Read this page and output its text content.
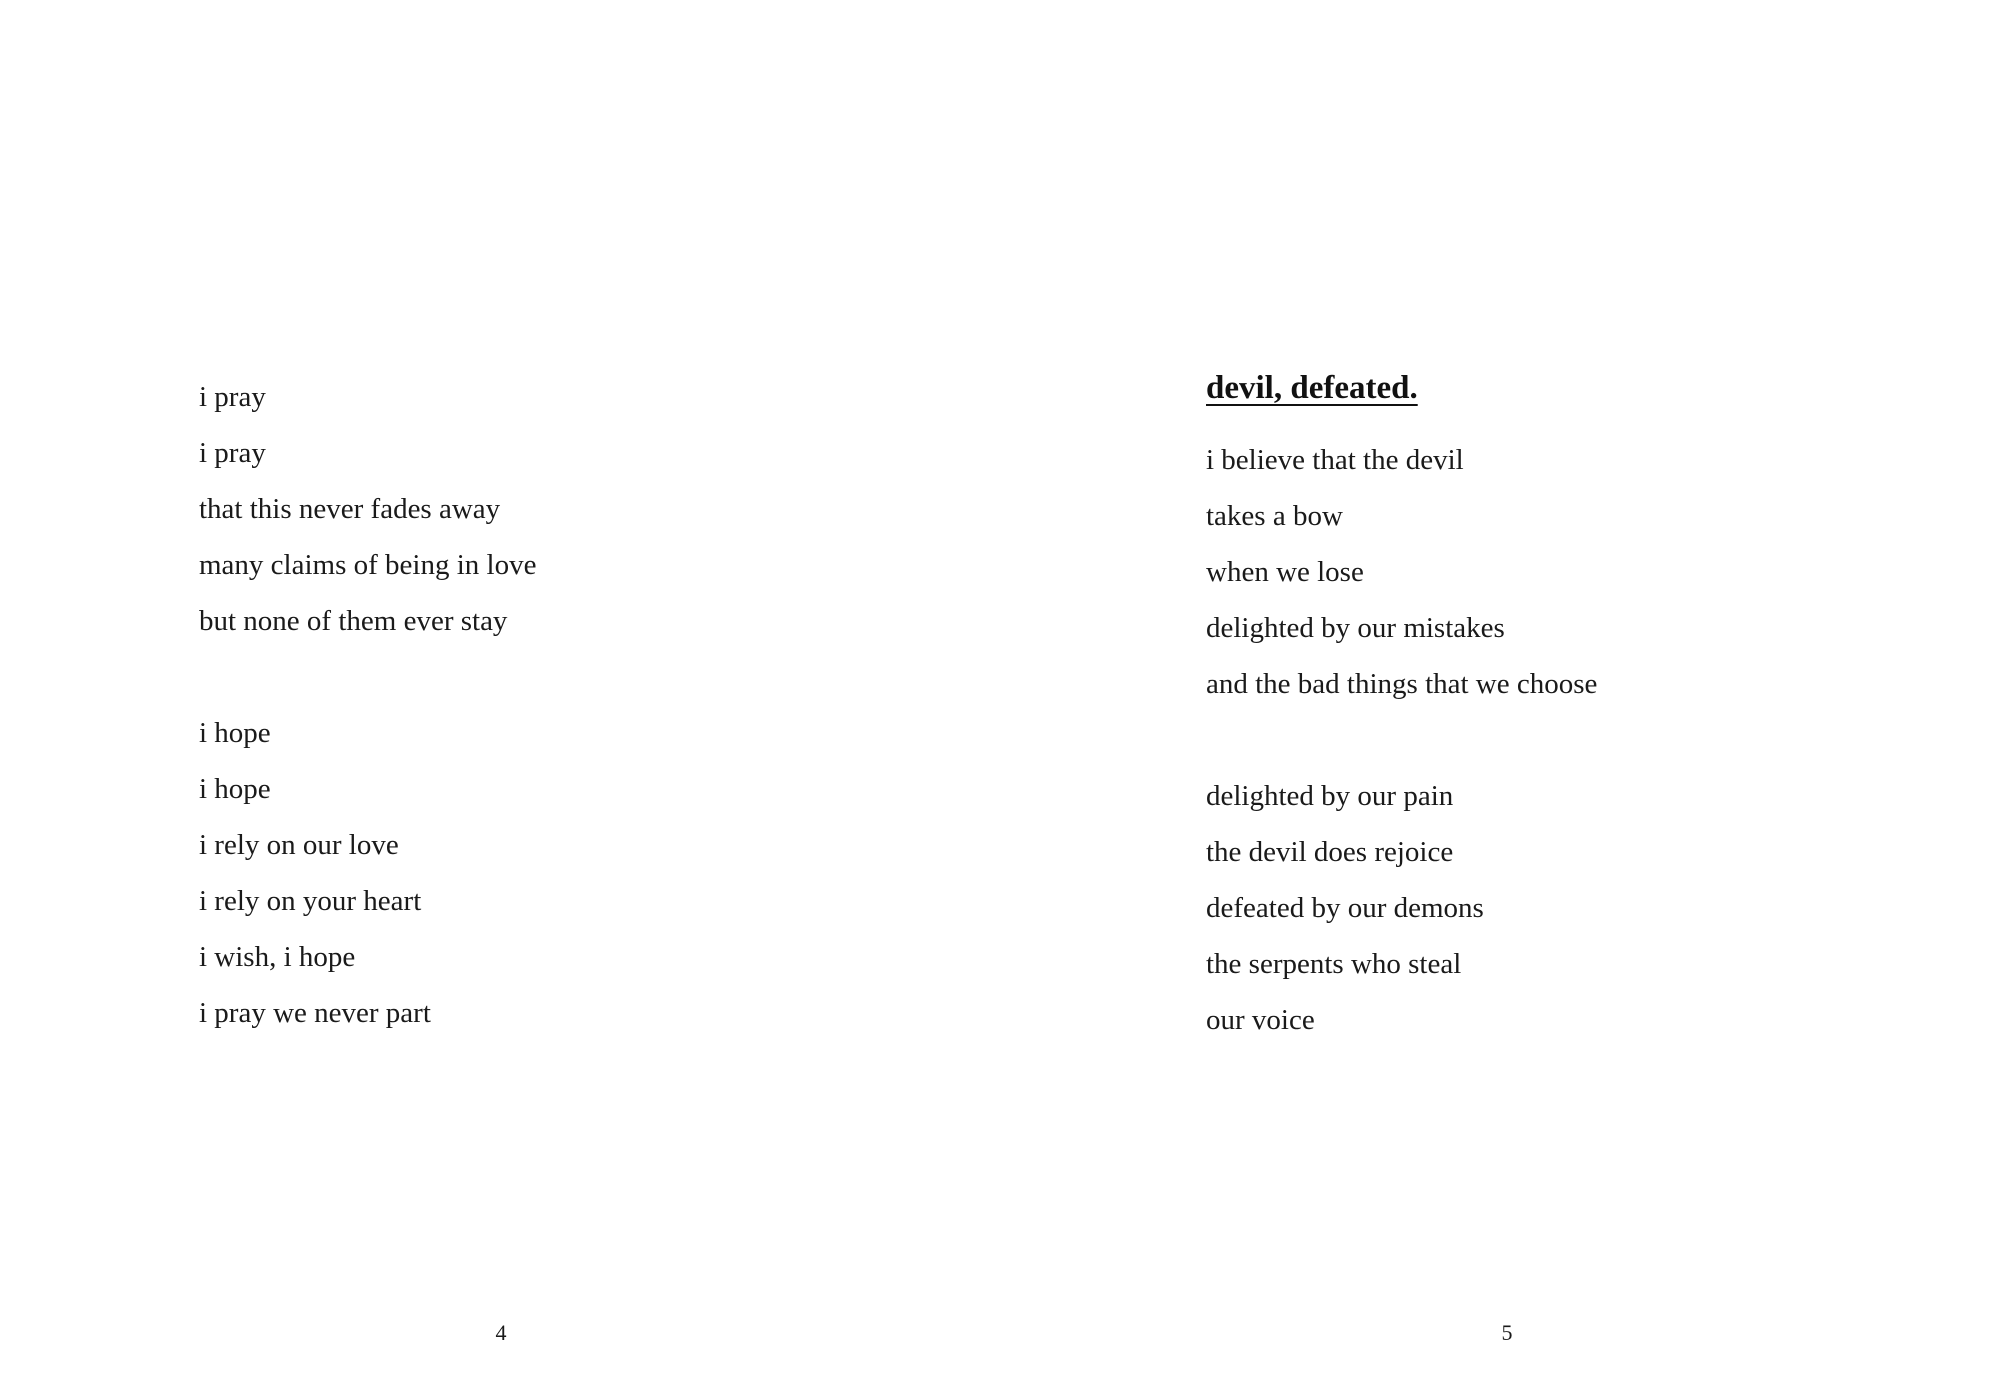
i pray
i pray
that this never fades away
many claims of being in love
but none of them ever stay
i hope
i hope
i rely on our love
i rely on your heart
i wish, i hope
i pray we never part
4
devil, defeated.
i believe that the devil
takes a bow
when we lose
delighted by our mistakes
and the bad things that we choose
delighted by our pain
the devil does rejoice
defeated by our demons
the serpents who steal
our voice
5
